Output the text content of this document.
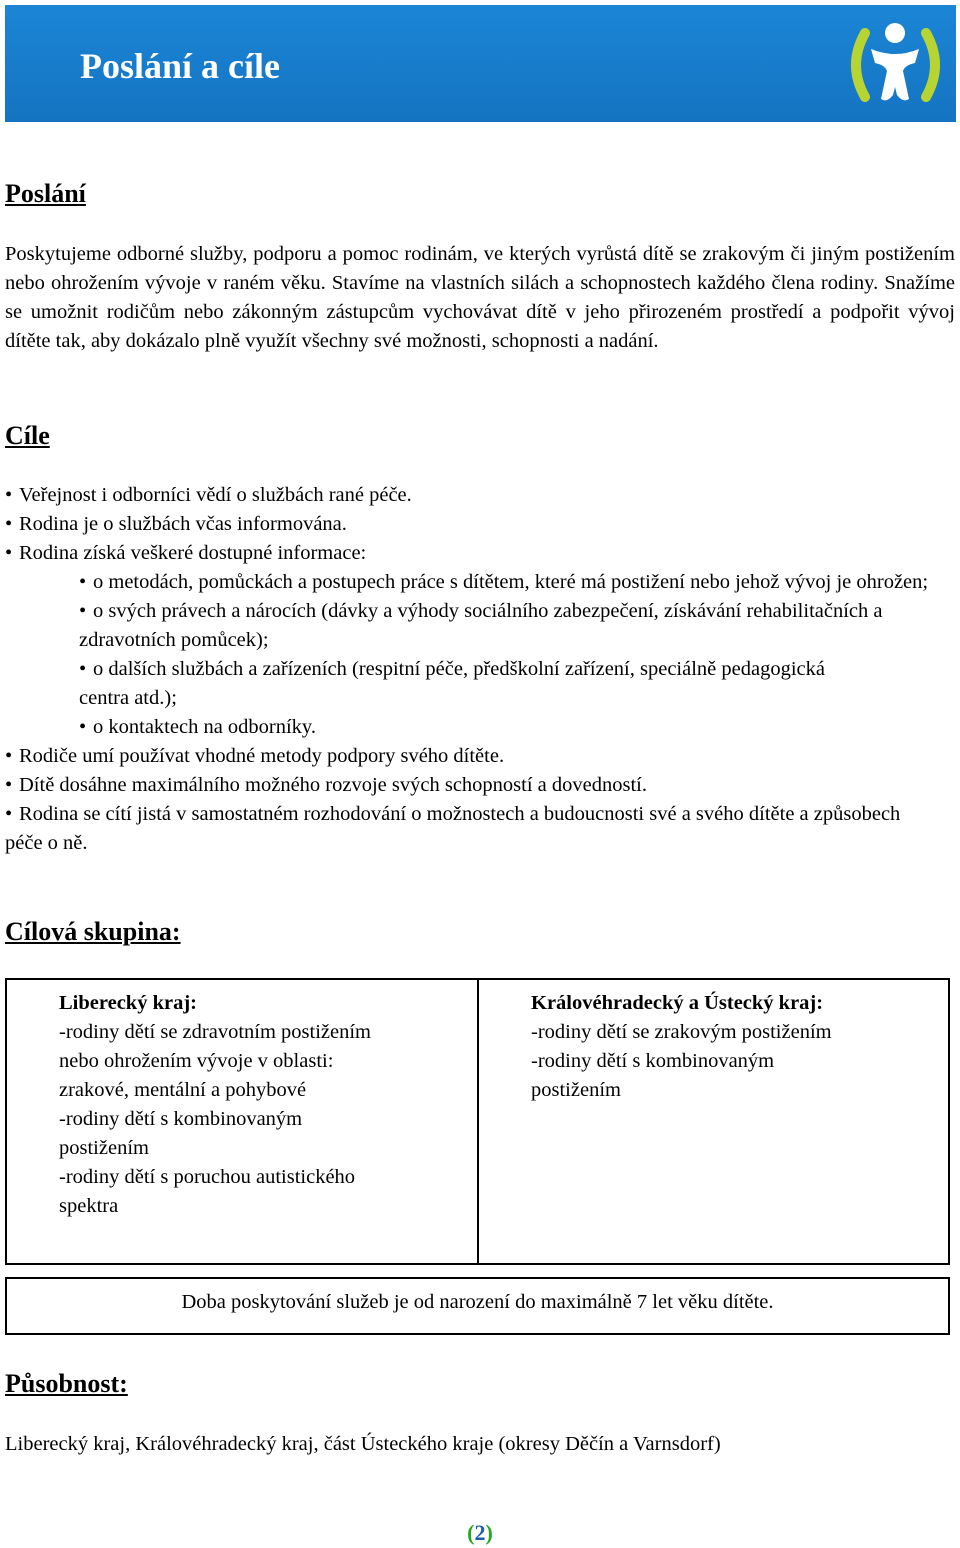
Poslání a cíle
Poslání
Poskytujeme odborné služby, podporu a pomoc rodinám, ve kterých vyrůstá dítě se zrakovým či jiným postižením nebo ohrožením vývoje v raném věku. Stavíme na vlastních silách a schopnostech každého člena rodiny. Snažíme se umožnit rodičům nebo zákonným zástupcům vychovávat dítě v jeho přirozeném prostředí a podpořit vývoj dítěte tak, aby dokázalo plně využít všechny své možnosti, schopnosti a nadání.
Cíle
• Veřejnost i odborníci vědí o službách rané péče.
• Rodina je o službách včas informována.
• Rodina získá veškeré dostupné informace:
• o metodách, pomůckách a postupech práce s dítětem, které má postižení nebo jehož vývoj je ohrožen;
• o svých právech a nárocích (dávky a výhody sociálního zabezpečení, získávání rehabilitačních a zdravotních pomůcek);
• o dalších službách a zařízeních (respitní péče, předškolní zařízení, speciálně pedagogická centra atd.);
• o kontaktech na odborníky.
• Rodiče umí používat vhodné metody podpory svého dítěte.
• Dítě dosáhne maximálního možného rozvoje svých schopností a dovedností.
• Rodina se cítí jistá v samostatném rozhodování o možnostech a budoucnosti své a svého dítěte a způsobech péče o ně.
Cílová skupina:
Liberecký kraj:
-rodiny dětí se zdravotním postižením
nebo ohrožením vývoje v oblasti:
zrakové, mentální a pohybové
-rodiny dětí s kombinovaným
postižením
-rodiny dětí s poruchou autistického
spektra
Královéhradecký a Ústecký kraj:
-rodiny dětí se zrakovým postižením
-rodiny dětí s kombinovaným
postižením
Doba poskytování služeb je od narození do maximálně 7 let věku dítěte.
Působnost:
Liberecký kraj, Královéhradecký kraj, část Ústeckého kraje (okresy Děčín a Varnsdorf)
(2)
